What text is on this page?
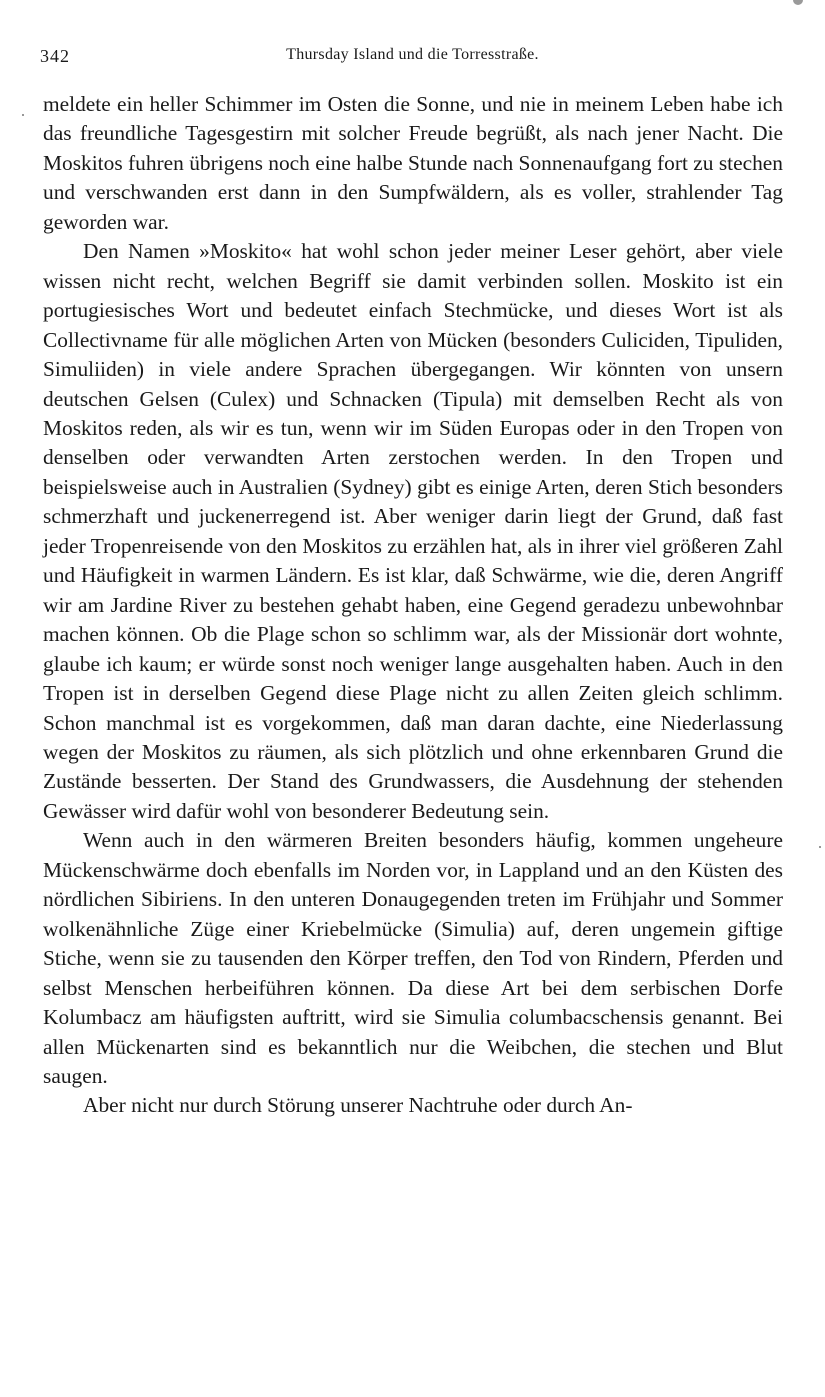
342	Thursday Island und die Torresstraße.

meldete ein heller Schimmer im Osten die Sonne, und nie in meinem Leben habe ich das freundliche Tagesgestirn mit solcher Freude begrüßt, als nach jener Nacht. Die Moskitos fuhren übrigens noch eine halbe Stunde nach Sonnenaufgang fort zu stechen und verschwanden erst dann in den Sumpfwäldern, als es voller, strahlender Tag geworden war.

Den Namen »Moskito« hat wohl schon jeder meiner Leser gehört, aber viele wissen nicht recht, welchen Begriff sie damit verbinden sollen. Moskito ist ein portugiesisches Wort und bedeutet einfach Stechmücke, und dieses Wort ist als Collectivname für alle möglichen Arten von Mücken (besonders Culiciden, Tipuliden, Simuliiden) in viele andere Sprachen übergegangen. Wir könnten von unsern deutschen Gelsen (Culex) und Schnacken (Tipula) mit demselben Recht als von Moskitos reden, als wir es tun, wenn wir im Süden Europas oder in den Tropen von denselben oder verwandten Arten zerstochen werden. In den Tropen und beispielsweise auch in Australien (Sydney) gibt es einige Arten, deren Stich besonders schmerzhaft und juckenerregend ist. Aber weniger darin liegt der Grund, daß fast jeder Tropenreisende von den Moskitos zu erzählen hat, als in ihrer viel größeren Zahl und Häufigkeit in warmen Ländern. Es ist klar, daß Schwärme, wie die, deren Angriff wir am Jardine River zu bestehen gehabt haben, eine Gegend geradezu unbewohnbar machen können. Ob die Plage schon so schlimm war, als der Missionär dort wohnte, glaube ich kaum; er würde sonst noch weniger lange ausgehalten haben. Auch in den Tropen ist in derselben Gegend diese Plage nicht zu allen Zeiten gleich schlimm. Schon manchmal ist es vorgekommen, daß man daran dachte, eine Niederlassung wegen der Moskitos zu räumen, als sich plötzlich und ohne erkennbaren Grund die Zustände besserten. Der Stand des Grundwassers, die Ausdehnung der stehenden Gewässer wird dafür wohl von besonderer Bedeutung sein.

Wenn auch in den wärmeren Breiten besonders häufig, kommen ungeheure Mückenschwärme doch ebenfalls im Norden vor, in Lappland und an den Küsten des nördlichen Sibiriens. In den unteren Donaugegenden treten im Frühjahr und Sommer wolkenähnliche Züge einer Kriebelmücke (Simulia) auf, deren ungemein giftige Stiche, wenn sie zu tausenden den Körper treffen, den Tod von Rindern, Pferden und selbst Menschen herbeiführen können. Da diese Art bei dem serbischen Dorfe Kolumbacz am häufigsten auftritt, wird sie Simulia columbacschensis genannt. Bei allen Mückenarten sind es bekanntlich nur die Weibchen, die stechen und Blut saugen.

Aber nicht nur durch Störung unserer Nachtruhe oder durch An-
